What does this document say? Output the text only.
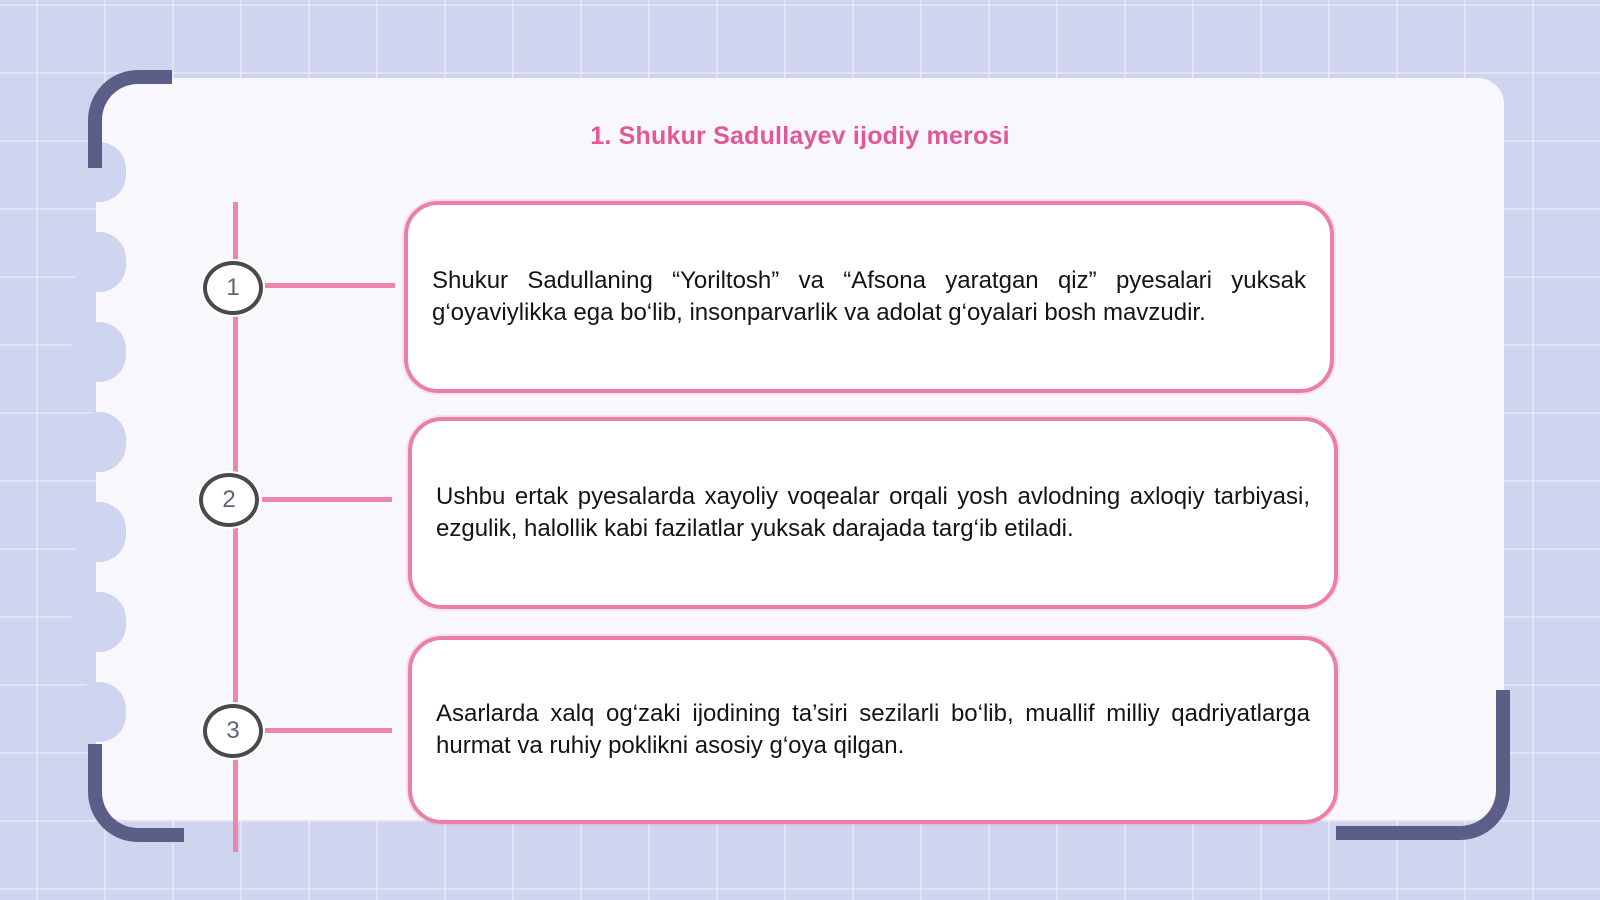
1. Shukur Sadullayev ijodiy merosi
1	Shukur Sadullaning “Yoriltosh” va “Afsona yaratgan qiz” pyesalari yuksak g‘oyaviylikka ega bo‘lib, insonparvarlik va adolat g‘oyalari bosh mavzudir.

2	Ushbu ertak pyesalarda xayoliy voqealar orqali yosh avlodning axloqiy tarbiyasi, ezgulik, halollik kabi fazilatlar yuksak darajada targ‘ib etiladi.

3

Asarlarda xalq og‘zaki ijodining ta’siri sezilarli bo‘lib, muallif milliy qadriyatlarga hurmat va ruhiy poklikni asosiy g‘oya qilgan.
